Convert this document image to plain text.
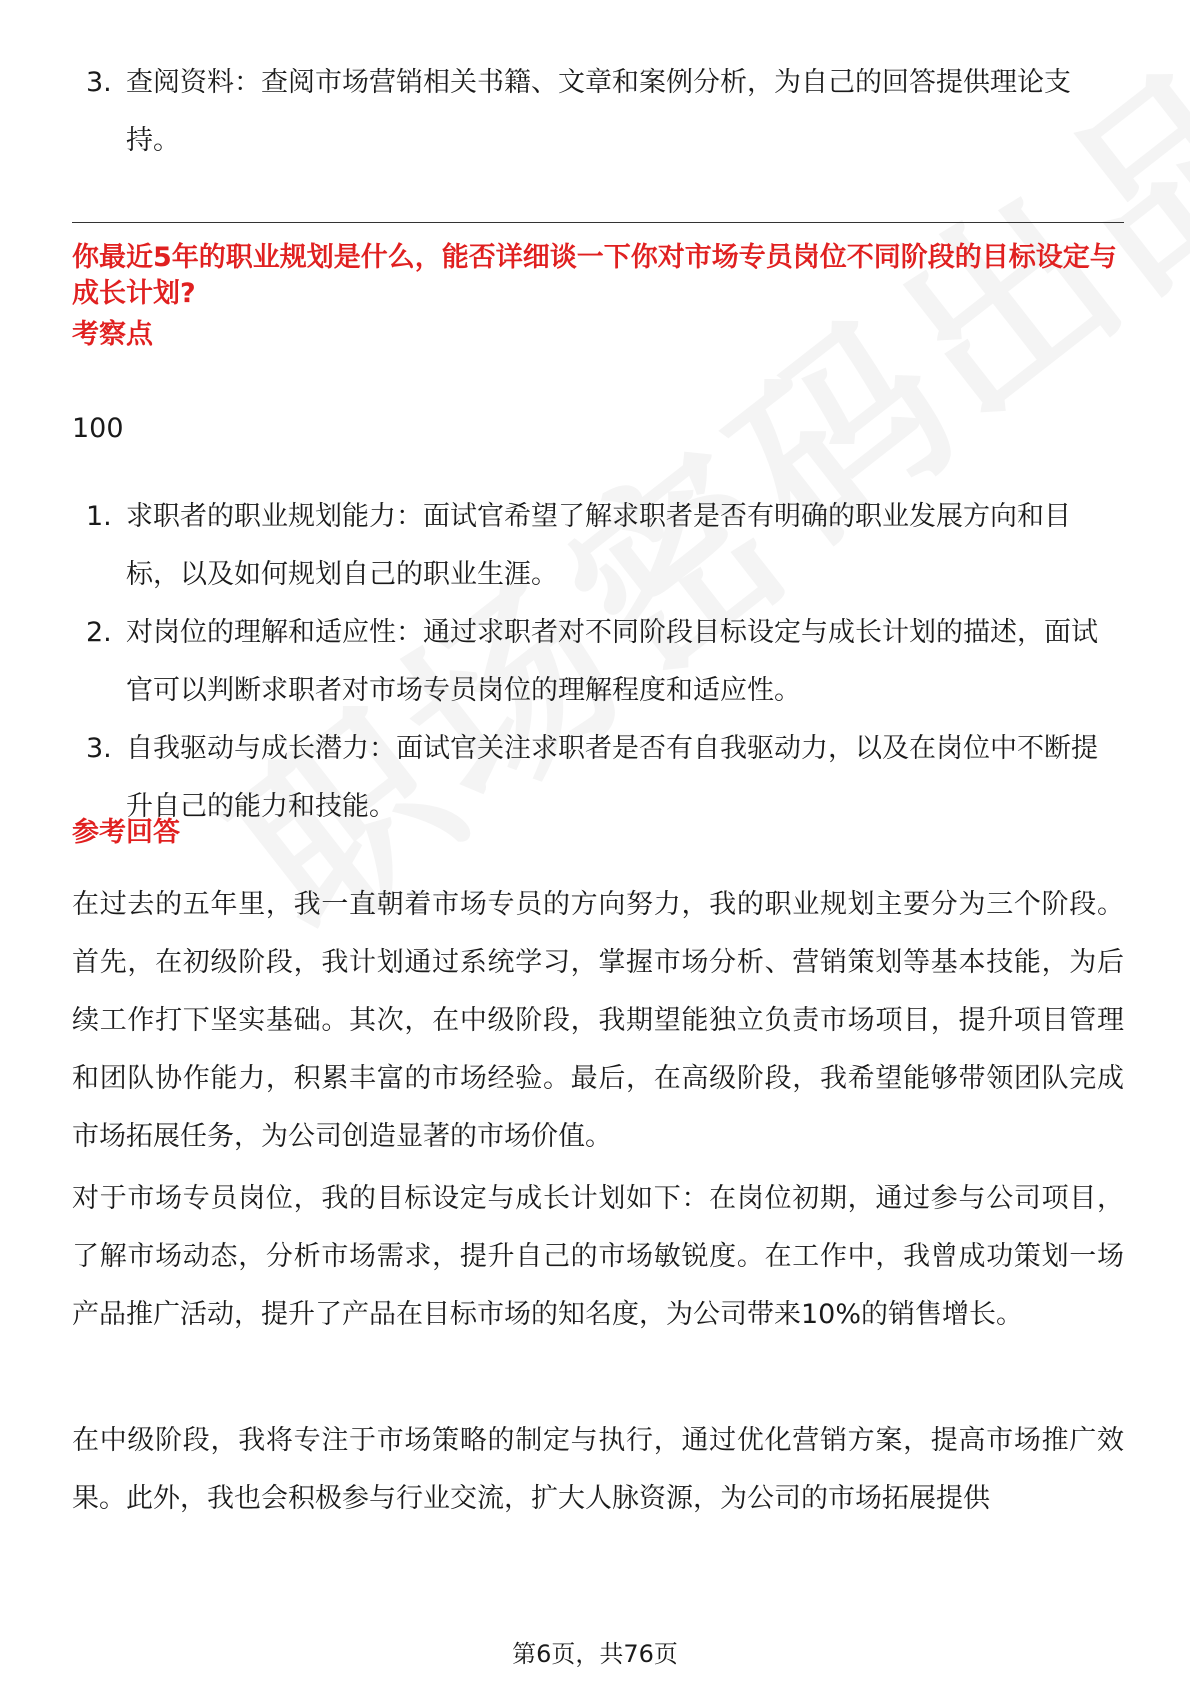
3. 查阅资料：查阅市场营销相关书籍、文章和案例分析，为自己的回答提供理论支持。

你最近5年的职业规划是什么，能否详细谈一下你对市场专员岗位不同阶段的目标设定与成长计划?

考察点
100
1. 求职者的职业规划能力：面试官希望了解求职者是否有明确的职业发展方向和目标，以及如何规划自己的职业生涯。
2. 对岗位的理解和适应性：通过求职者对不同阶段目标设定与成长计划的描述，面试官可以判断求职者对市场专员岗位的理解程度和适应性。
3. 自我驱动与成长潜力：面试官关注求职者是否有自我驱动力，以及在岗位中不断提升自己的能力和技能。
参考回答

在过去的五年里，我一直朝着市场专员的方向努力，我的职业规划主要分为三个阶段。首先，在初级阶段，我计划通过系统学习，掌握市场分析、营销策划等基本技能，为后续工作打下坚实基础。其次，在中级阶段，我期望能独立负责市场项目，提升项目管理和团队协作能力，积累丰富的市场经验。最后，在高级阶段，我希望能够带领团队完成市场拓展任务，为公司创造显著的市场价值。

对于市场专员岗位，我的目标设定与成长计划如下：在岗位初期，通过参与公司项目，了解市场动态，分析市场需求，提升自己的市场敏锐度。在工作中，我曾成功策划一场产品推广活动，提升了产品在目标市场的知名度，为公司带来10%的销售增长。

在中级阶段，我将专注于市场策略的制定与执行，通过优化营销方案，提高市场推广效果。此外，我也会积极参与行业交流，扩大人脉资源，为公司的市场拓展提供

第6页，共76页
